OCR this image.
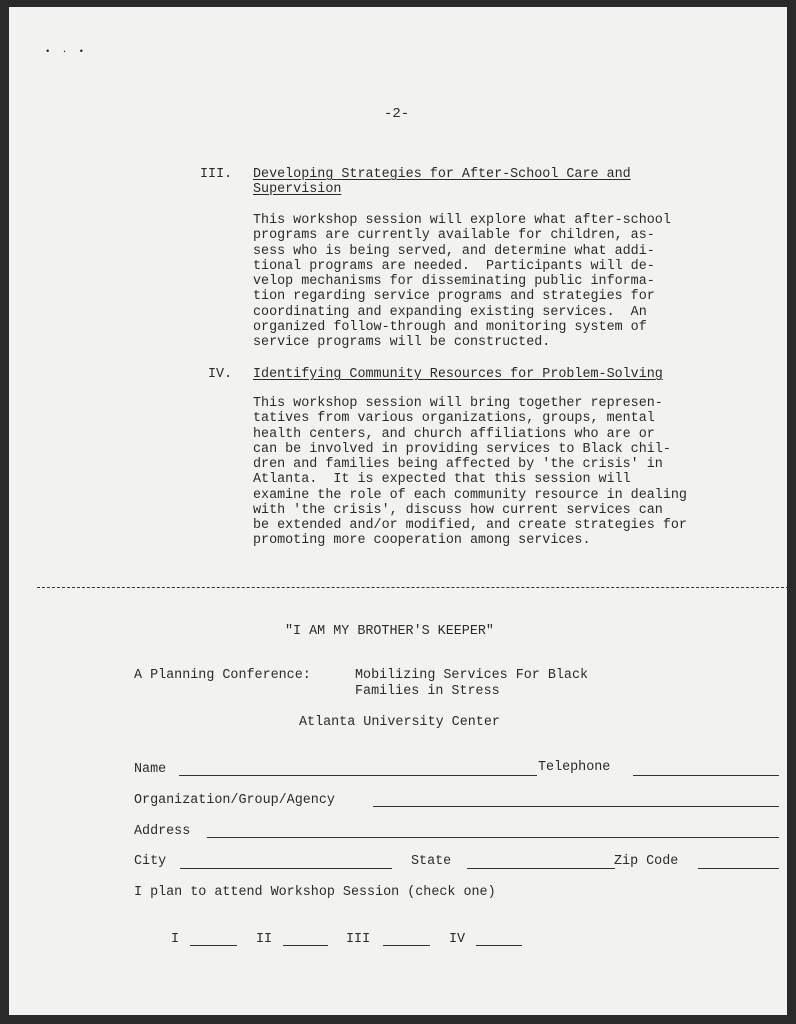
• · •
-2-
III. Developing Strategies for After-School Care and
Supervision
This workshop session will explore what after-school
programs are currently available for children, as-
sess who is being served, and determine what addi-
tional programs are needed.  Participants will de-
velop mechanisms for disseminating public informa-
tion regarding service programs and strategies for
coordinating and expanding existing services.  An
organized follow-through and monitoring system of
service programs will be constructed.
IV. Identifying Community Resources for Problem-Solving
This workshop session will bring together represen-
tatives from various organizations, groups, mental
health centers, and church affiliations who are or
can be involved in providing services to Black chil-
dren and families being affected by 'the crisis' in
Atlanta.  It is expected that this session will
examine the role of each community resource in dealing
with 'the crisis', discuss how current services can
be extended and/or modified, and create strategies for
promoting more cooperation among services.
"I AM MY BROTHER'S KEEPER"
A Planning Conference:	Mobilizing Services For Black
Families in Stress
Atlanta University Center
Name	Telephone
Organization/Group/Agency
Address
City	State	Zip Code
I plan to attend Workshop Session (check one)
I	II	III	IV
